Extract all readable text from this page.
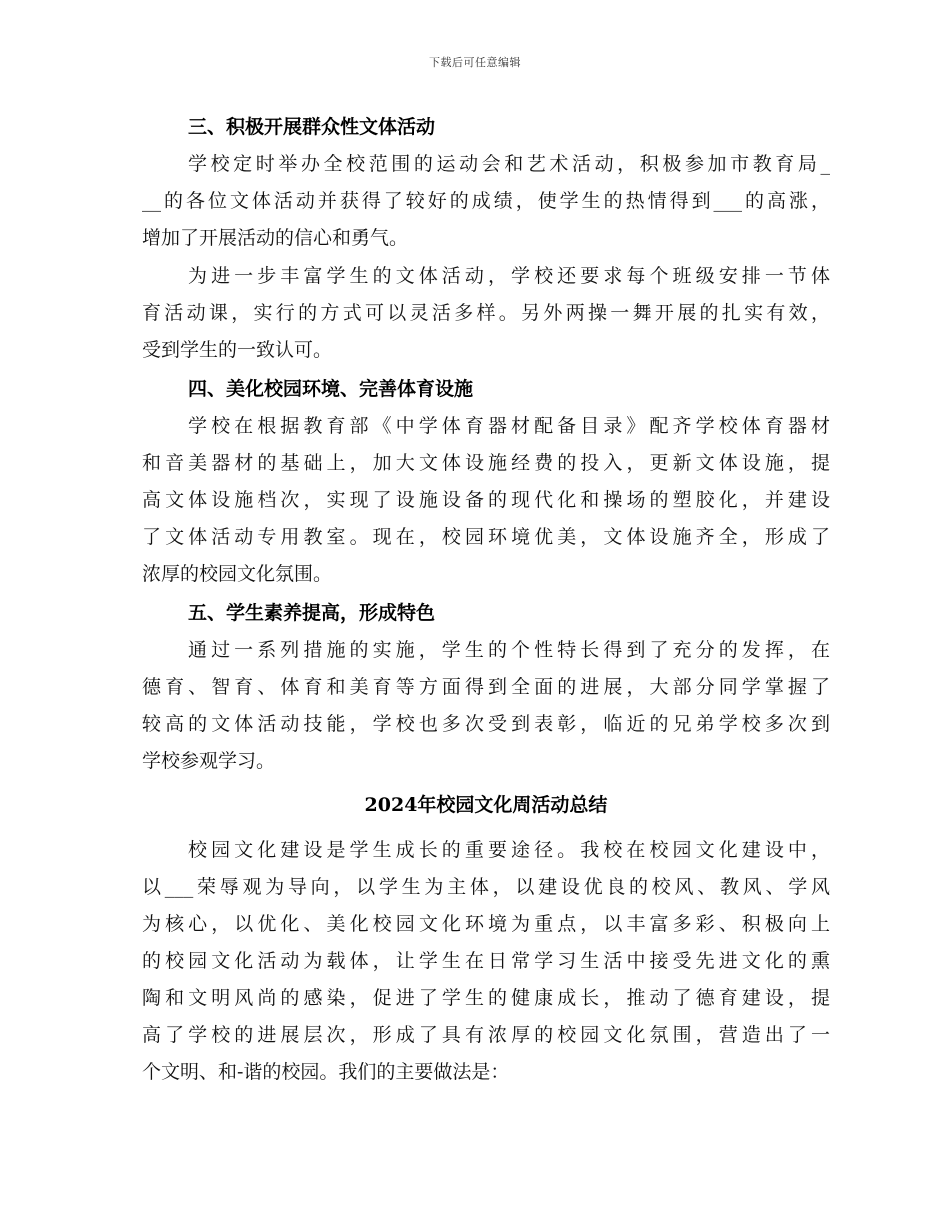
下载后可任意编辑
三、积极开展群众性文体活动
学校定时举办全校范围的运动会和艺术活动，积极参加市教育局_
__的各位文体活动并获得了较好的成绩，使学生的热情得到___的高涨，
增加了开展活动的信心和勇气。
为进一步丰富学生的文体活动，学校还要求每个班级安排一节体
育活动课，实行的方式可以灵活多样。另外两操一舞开展的扎实有效，
受到学生的一致认可。
四、美化校园环境、完善体育设施
学校在根据教育部《中学体育器材配备目录》配齐学校体育器材
和音美器材的基础上，加大文体设施经费的投入，更新文体设施，提
高文体设施档次，实现了设施设备的现代化和操场的塑胶化，并建设
了文体活动专用教室。现在，校园环境优美，文体设施齐全，形成了
浓厚的校园文化氛围。
五、学生素养提高，形成特色
通过一系列措施的实施，学生的个性特长得到了充分的发挥，在
德育、智育、体育和美育等方面得到全面的进展，大部分同学掌握了
较高的文体活动技能，学校也多次受到表彰，临近的兄弟学校多次到
学校参观学习。
2024年校园文化周活动总结
校园文化建设是学生成长的重要途径。我校在校园文化建设中，
以___荣辱观为导向，以学生为主体，以建设优良的校风、教风、学风
为核心，以优化、美化校园文化环境为重点，以丰富多彩、积极向上
的校园文化活动为载体，让学生在日常学习生活中接受先进文化的熏
陶和文明风尚的感染，促进了学生的健康成长，推动了德育建设，提
高了学校的进展层次，形成了具有浓厚的校园文化氛围，营造出了一
个文明、和-谐的校园。我们的主要做法是：
